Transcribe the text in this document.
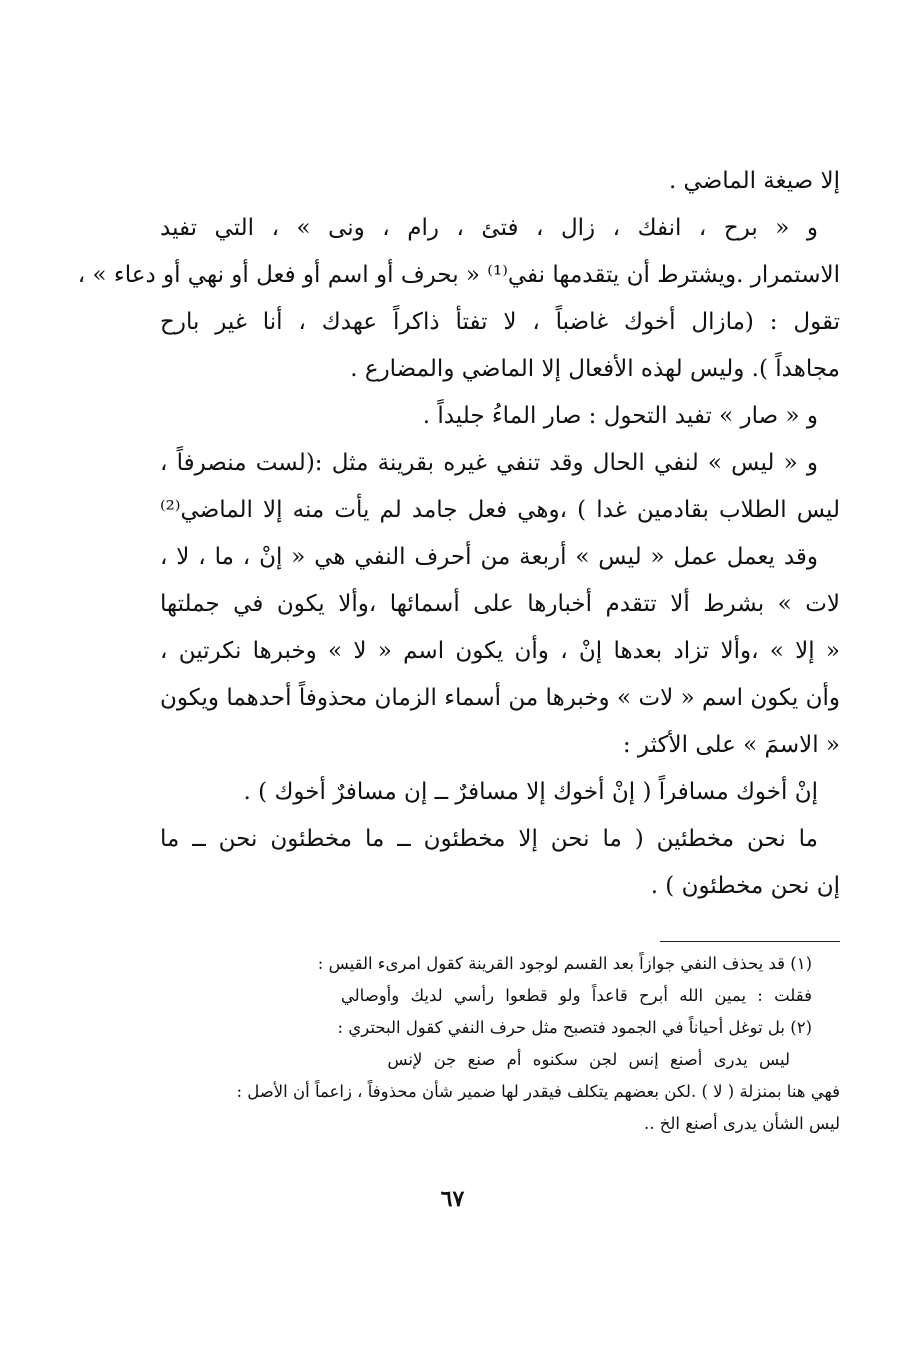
إلا صيغة الماضي .
و « برح ، انفك ، زال ، فتئ ، رام ، ونى » ، التي تفيد
الاستمرار .ويشترط أن يتقدمها نفي⁽¹⁾ « بحرف أو اسم أو فعل أو نهي أو دعاء » ،
تقول : (مازال أخوك غاضباً ، لا تفتأ ذاكراً عهدك ، أنا غير بارح
مجاهداً ). وليس لهذه الأفعال إلا الماضي والمضارع .
و « صار » تفيد التحول : صار الماءُ جليداً .
و « ليس » لنفي الحال وقد تنفي غيره بقرينة مثل :(لست منصرفاً ،
ليس الطلاب بقادمين غدا ) ،وهي فعل جامد لم يأت منه إلا الماضي⁽²⁾
وقد يعمل عمل « ليس » أربعة من أحرف النفي هي « إنْ ، ما ، لا ،
لات » بشرط ألا تتقدم أخبارها على أسمائها ،وألا يكون في جملتها
« إلا » ،وألا تزاد بعدها إنْ ، وأن يكون اسم « لا » وخبرها نكرتين ،
وأن يكون اسم « لات » وخبرها من أسماء الزمان محذوفاً أحدهما ويكون
« الاسمَ » على الأكثر :
إنْ أخوك مسافراً ( إنْ أخوك إلا مسافرٌ ــ إن مسافرٌ أخوك ) .
ما نحن مخطئين ( ما نحن إلا مخطئون ــ ما مخطئون نحن ــ ما
إن نحن مخطئون ) .
(١) قد يحذف النفي جوازاً بعد القسم لوجود القرينة كقول امرىء القيس :
فقلت : يمين الله أبرح قاعداً ولو قطعوا رأسي لديك وأوصالي
(٢) بل توغل أحياناً في الجمود فتصبح مثل حرف النفي كقول البحتري :
ليس يدرى أصنع إنس لجن سكنوه أم صنع جن لإنس
فهي هنا بمنزلة ( لا ) .لكن بعضهم يتكلف فيقدر لها ضمير شأن محذوفاً ، زاعماً أن الأصل :
ليس الشأن يدرى أصنع الخ ..
٦٧
